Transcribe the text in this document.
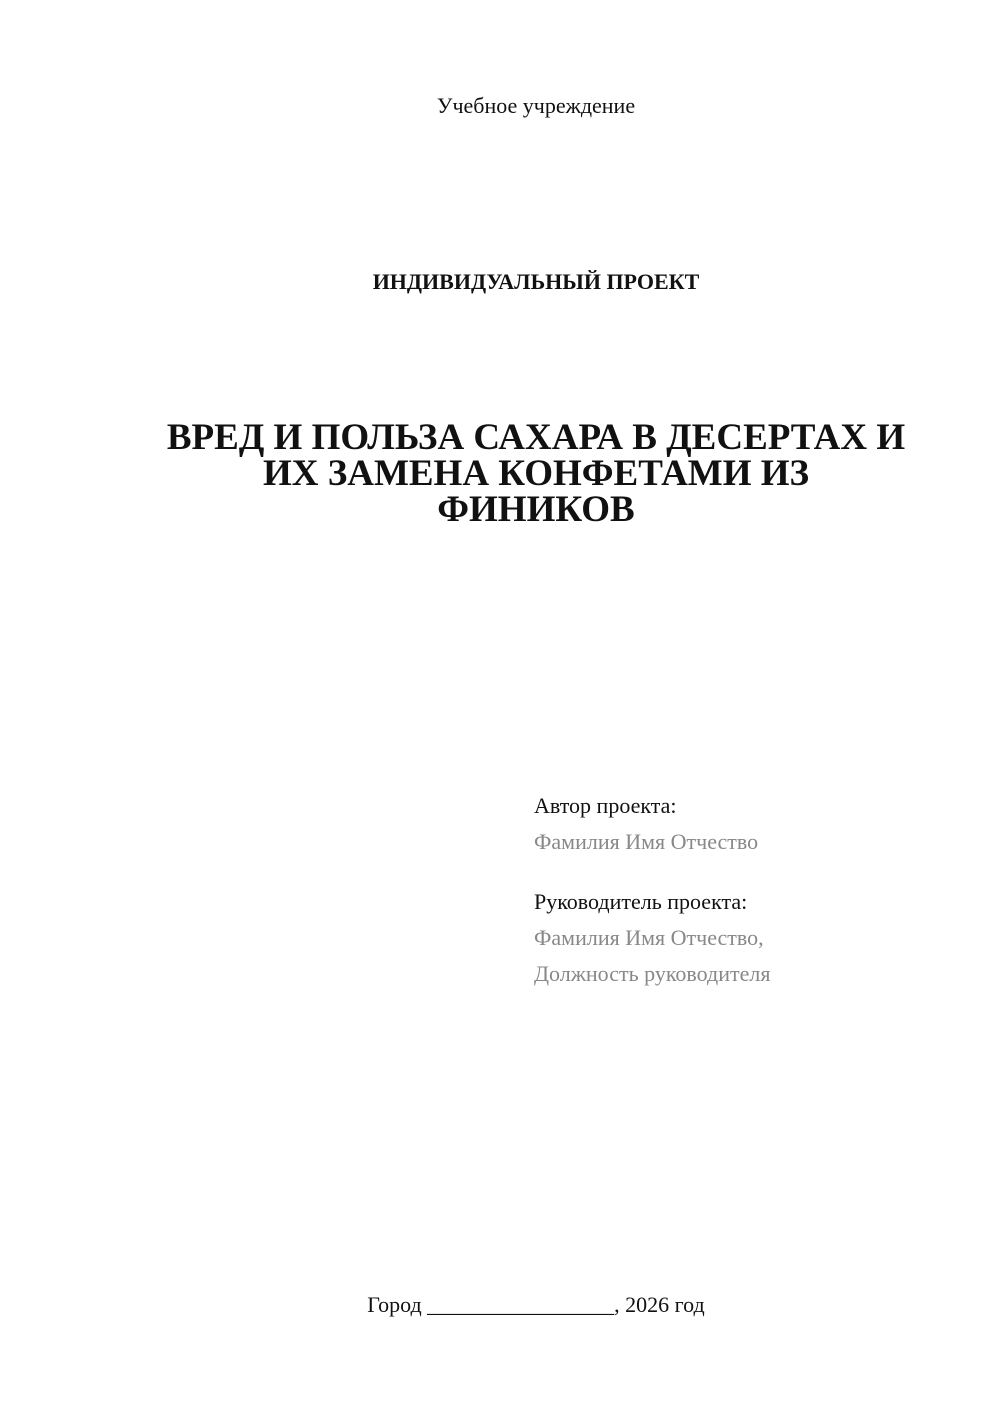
Учебное учреждение
ИНДИВИДУАЛЬНЫЙ ПРОЕКТ
ВРЕД И ПОЛЬЗА САХАРА В ДЕСЕРТАХ И
ИХ ЗАМЕНА КОНФЕТАМИ ИЗ
ФИНИКОВ
Автор проекта:
Фамилия Имя Отчество
Руководитель проекта:
Фамилия Имя Отчество,
Должность руководителя
Город _________________, 2026 год
